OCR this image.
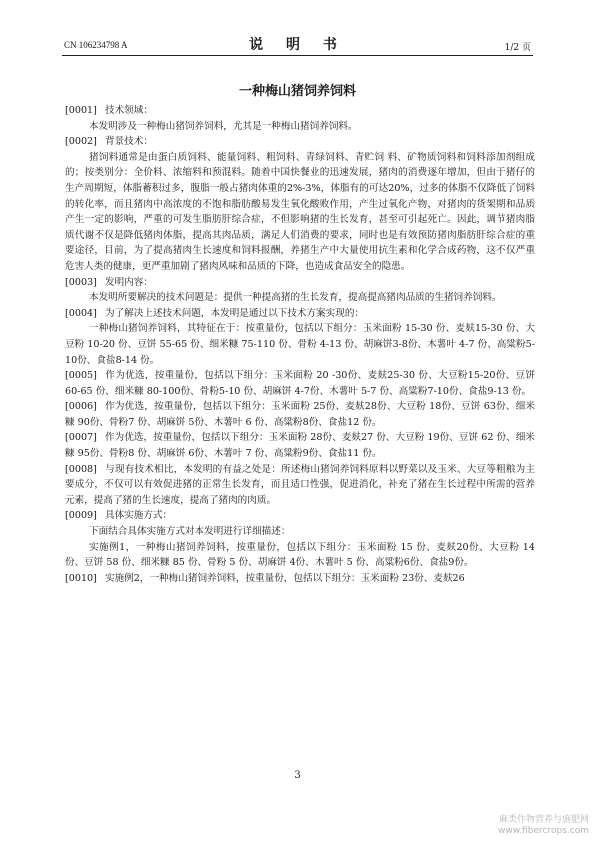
CN 106234798 A	说 明 书	1/2 页
一种梅山猪饲养饲料

[0001] 技术领域：

本发明涉及一种梅山猪饲养饲料，尤其是一种梅山猪饲养饲料。

[0002] 背景技术：

猪饲料通常是由蛋白质饲料、能量饲料、粗饲料、青绿饲料、青贮饲 料、矿物质饲料和饲料添加剂组成的；按类别分：全价料、浓缩料和预混料。随着中国快餐业的迅速发展，猪肉的消费逐年增加，但由于猪仔的生产周期短，体脂蓄积过多，腹脂一般占猪肉体重的2%-3%，体脂有的可达20%，过多的体脂不仅降低了饲料的转化率，而且猪肉中高浓度的不饱和脂肪酸易发生氧化酸败作用，产生过氧化产物，对猪肉的货架期和品质产生一定的影响，严重的可发生脂肪肝综合症，不但影响猪的生长发育，甚至可引起死亡。因此，调节猪肉脂质代谢不仅是降低猪肉体脂，提高其肉品质，满足人们消费的要求，同时也是有效预防猪肉脂肪肝综合症的重要途径，目前，为了提高猪肉生长速度和饲料报酬，养猪生产中大量使用抗生素和化学合成药物，这不仅严重危害人类的健康，更严重加剧了猪肉风味和品质的下降，也造成食品安全的隐患。

[0003] 发明内容：

本发明所要解决的技术问题是：提供一种提高猪的生长发育，提高提高猪肉品质的生猪饲养饲料。

[0004] 为了解决上述技术问题，本发明是通过以下技术方案实现的：

一种梅山猪饲养饲料，其特征在于：按重量份，包括以下组分：玉米面粉 15-30 份、麦麸15-30 份、大豆粉 10-20 份、豆饼 55-65 份、细米糠 75-110 份、骨粉 4-13 份、胡麻饼3-8份、木薯叶 4-7 份、高粱粉5-10份、食盐8-14 份。

[0005] 作为优选，按重量份，包括以下组分：玉米面粉 20 -30份、麦麸25-30 份、大豆粉15-20份、豆饼 60-65 份、细米糠 80-100份、骨粉5-10 份、胡麻饼 4-7份、木薯叶 5-7 份、高粱粉7-10份、食盐9-13 份。

[0006] 作为优选，按重量份，包括以下组分：玉米面粉 25份、麦麸28份、大豆粉 18份、豆饼 63份、细米糠 90份、骨粉7 份、胡麻饼 5份、木薯叶 6 份、高粱粉8份、食盐12 份。

[0007] 作为优选，按重量份，包括以下组分：玉米面粉 28份、麦麸27 份、大豆粉 19份、豆饼 62 份、细米糠 95份、骨粉8 份、胡麻饼 6份、木薯叶 7 份、高粱粉9份、食盐11 份。

[0008] 与现有技术相比，本发明的有益之处是：所述梅山猪饲养饲料原料以野菜以及玉米、大豆等粗粮为主要成分，不仅可以有效促进猪的正常生长发育，而且适口性强，促进消化，补充了猪在生长过程中所需的营养元素，提高了猪的生长速度，提高了猪肉的肉质。

[0009] 具体实施方式：

下面结合具体实施方式对本发明进行详细描述：

实施例1，一种梅山猪饲养饲料，按重量份，包括以下组分：玉米面粉 15 份、麦麸20份、大豆粉 14 份、豆饼 58 份、细米糠 85 份、骨粉 5 份、胡麻饼 4份、木薯叶 5 份、高粱粉6份、食盐9份。

[0010] 实施例2，一种梅山猪饲养饲料，按重量份，包括以下组分：玉米面粉 23份、麦麸26

3
麻类作物营养与施肥网
www.fibercrops.com
